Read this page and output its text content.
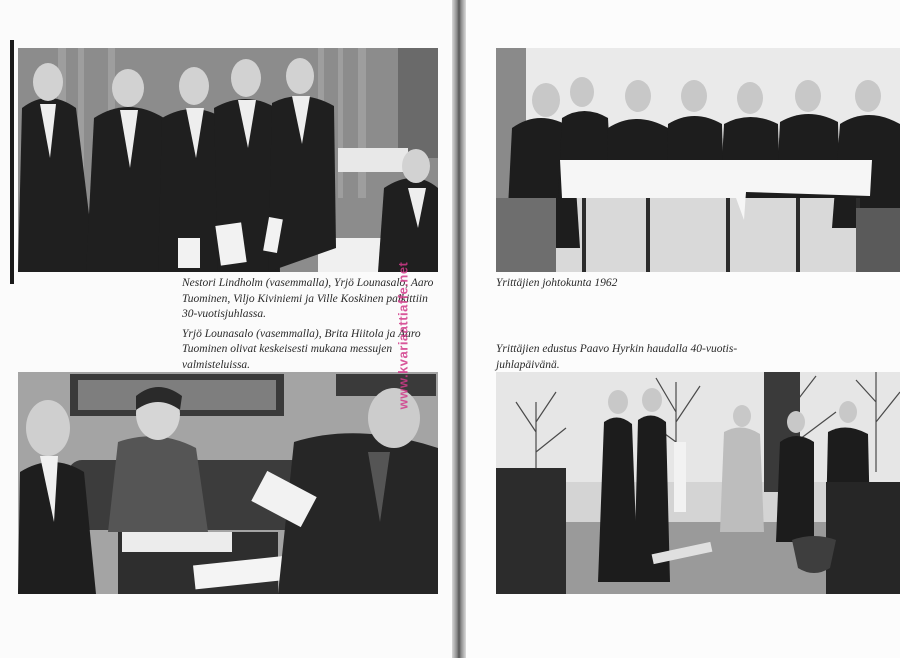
Nestori Lindholm (vasemmalla), Yrjö Lounasalo, Aaro Tuominen, Viljo Kiviniemi ja Ville Koskinen palkittiin 30-vuotisjuhlassa.

Yrjö Lounasalo (vasemmalla), Brita Hiitola ja Aaro Tuominen olivat keskeisesti mukana messujen valmisteluissa.	www.kvariaattiaffe.net	Yrittäjien johtokunta 1962

Yrittäjien edustus Paavo Hyrkin haudalla 40-vuotis-juhlapäivänä.
